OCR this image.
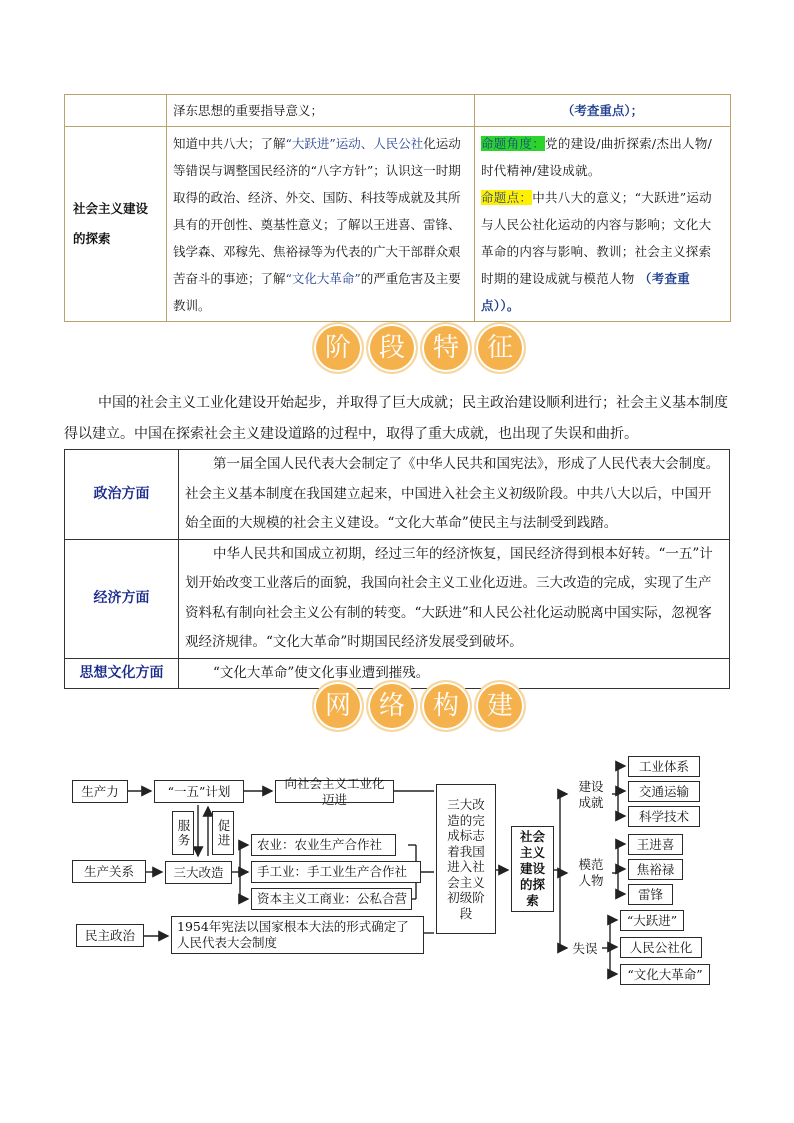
	泽东思想的重要指导意义；	（考查重点）；
社会主义建设的探索	知道中共八大；了解“大跃进”运动、人民公社化运动等错误与调整国民经济的“八字方针”；认识这一时期取得的政治、经济、外交、国防、科技等成就及其所具有的开创性、奠基性意义；了解以王进喜、雷锋、钱学森、邓稼先、焦裕禄等为代表的广大干部群众艰苦奋斗的事迹；了解“文化大革命”的严重危害及主要教训。	命题角度：党的建设/曲折探索/杰出人物/时代精神/建设成就。
命题点：中共八大的意义；“大跃进”运动与人民公社化运动的内容与影响；文化大革命的内容与影响、教训；社会主义探索时期的建设成就与模范人物 （考查重点））。
阶	段	特	征
中国的社会主义工业化建设开始起步，并取得了巨大成就；民主政治建设顺利进行；社会主义基本制度得以建立。中国在探索社会主义建设道路的过程中，取得了重大成就，也出现了失误和曲折。
政治方面	第一届全国人民代表大会制定了《中华人民共和国宪法》，形成了人民代表大会制度。社会主义基本制度在我国建立起来，中国进入社会主义初级阶段。中共八大以后，中国开始全面的大规模的社会主义建设。“文化大革命”使民主与法制受到践踏。
经济方面	中华人民共和国成立初期，经过三年的经济恢复，国民经济得到根本好转。“一五”计划开始改变工业落后的面貌，我国向社会主义工业化迈进。三大改造的完成，实现了生产资料私有制向社会主义公有制的转变。“大跃进”和人民公社化运动脱离中国实际，忽视客观经济规律。“文化大革命”时期国民经济发展受到破坏。
思想文化方面	“文化大革命”使文化事业遭到摧残。
网	络	构	建
生产力	“一五”计划
向社会主义工业化迈进
服务	促进
生产关系	三大改造
农业：农业生产合作社
手工业：手工业生产合作社
资本主义工商业：公私合营
民主政治
1954年宪法以国家根本大法的形式确定了人民代表大会制度
三大改造的完成标志着我国进入社会主义初级阶段
社会主义建设的探索
建设成就
工业体系
交通运输
科学技术
模范人物
王进喜
焦裕禄
雷锋
失误
“大跃进”
人民公社化
“文化大革命”
